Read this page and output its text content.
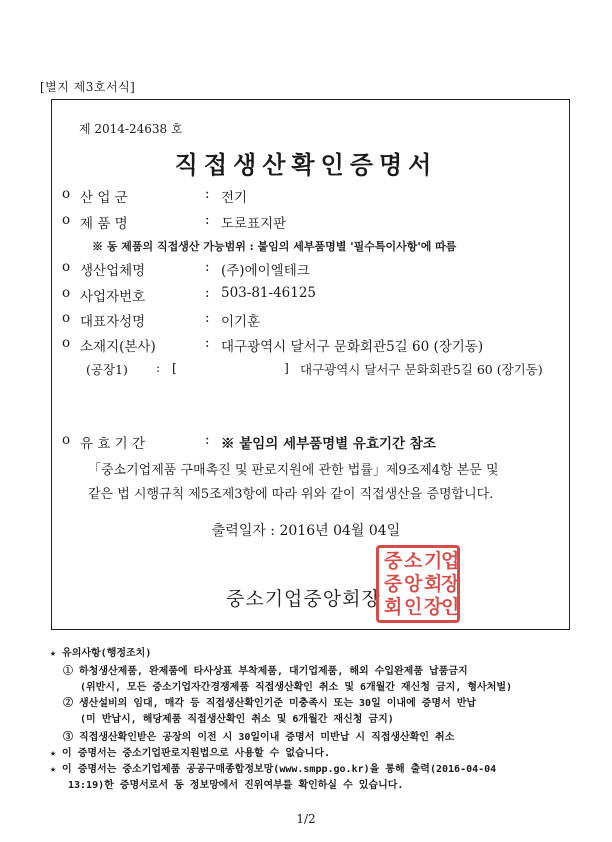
[별지 제3호서식]
제 2014-24638 호
직접생산확인증명서
ο 산 업 군	: 전기
ο 제 품 명	: 도로표지판
※ 동 제품의 직접생산 가능범위 : 붙임의 세부품명별 '필수특이사항'에 따름
ο 생산업체명	: (주)에이엘테크
ο 사업자번호	: 503-81-46125
ο 대표자성명	: 이기훈
ο 소재지(본사)	: 대구광역시 달서구 문화회관5길 60 (장기동)
(공장1) : [	] 대구광역시 달서구 문화회관5길 60 (장기동)
ο 유 효 기 간	: ※ 붙임의 세부품명별 유효기간 참조
「중소기업제품 구매촉진 및 판로지원에 관한 법률」제9조제4항 본문 및
같은 법 시행규칙 제5조제3항에 따라 위와 같이 직접생산을 증명합니다.
출력일자 : 2016년 04월 04일
중소기업중앙회장
중 소 기
업
중 앙 회
장
회 인 장
인
★ 유의사항(행정조치)
① 하청생산제품, 완제품에 타사상표 부착제품, 대기업제품, 해외 수입완제품 납품금지
(위반시, 모든 중소기업자간경쟁제품 직접생산확인 취소 및 6개월간 재신청 금지, 형사처벌)
② 생산설비의 임대, 매각 등 직접생산확인기준 미충족시 또는 30일 이내에 증명서 반납
(미 반납시, 해당제품 직접생산확인 취소 및 6개월간 재신청 금지)
③ 직접생산확인받은 공장의 이전 시 30일이내 증명서 미반납 시 직접생산확인 취소
★ 이 증명서는 중소기업판로지원법으로 사용할 수 없습니다.
★ 이 증명서는 중소기업제품 공공구매종합정보망(www.smpp.go.kr)을 통해 출력(2016-04-04
13:19)한 증명서로서 동 정보망에서 진위여부를 확인하실 수 있습니다.
1/2
